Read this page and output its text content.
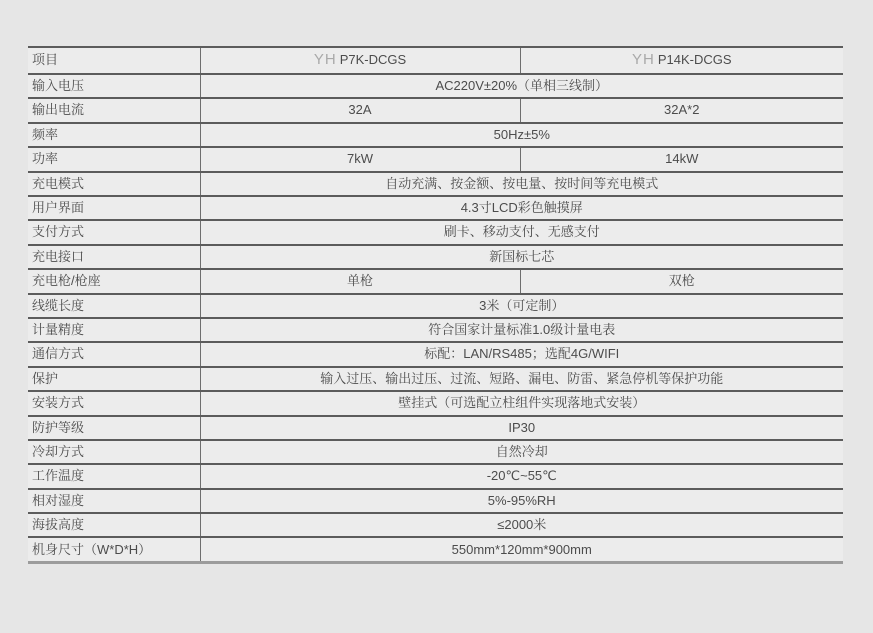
项目	YH P7K-DCGS	YH P14K-DCGS
输入电压	AC220V±20%（单相三线制）	
输出电流	32A	32A*2
频率	50Hz±5%	
功率	7kW	14kW
充电模式	自动充满、按金额、按电量、按时间等充电模式	
用户界面	4.3寸LCD彩色触摸屏	
支付方式	刷卡、移动支付、无感支付	
充电接口	新国标七芯	
充电枪/枪座	单枪	双枪
线缆长度	3米（可定制）	
计量精度	符合国家计量标准1.0级计量电表	
通信方式	标配：LAN/RS485；选配4G/WIFI	
保护	输入过压、输出过压、过流、短路、漏电、防雷、紧急停机等保护功能	
安装方式	壁挂式（可选配立柱组件实现落地式安装）	
防护等级	IP30	
冷却方式	自然冷却	
工作温度	-20℃~55℃	
相对湿度	5%-95%RH	
海拔高度	≤2000米	
机身尺寸（W*D*H）	550mm*120mm*900mm	
